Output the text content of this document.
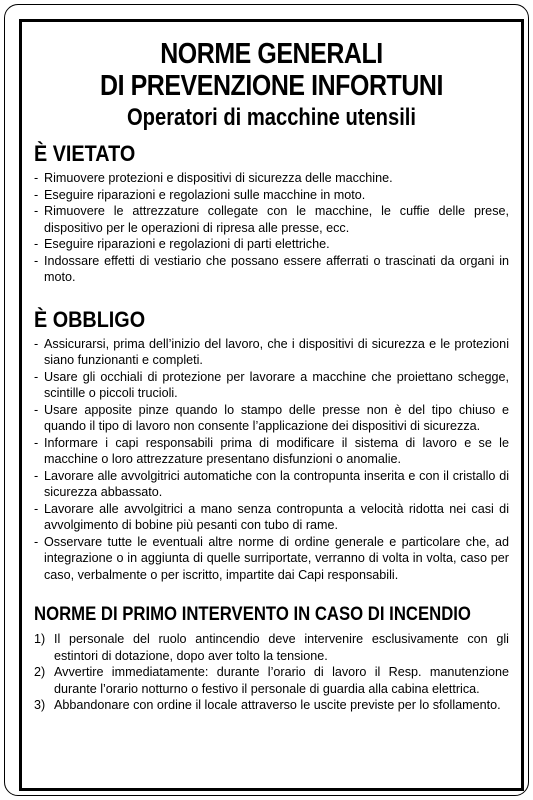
NORME GENERALI
DI PREVENZIONE INFORTUNI
Operatori di macchine utensili
È VIETATO
- Rimuovere protezioni e dispositivi di sicurezza delle macchine.
- Eseguire riparazioni e regolazioni sulle macchine in moto.
- Rimuovere le attrezzature collegate con le macchine, le cuffie delle prese, dispositivo per le operazioni di ripresa alle presse, ecc.
- Eseguire riparazioni e regolazioni di parti elettriche.
- Indossare effetti di vestiario che possano essere afferrati o trascinati da organi in moto.
È OBBLIGO
- Assicurarsi, prima dell’inizio del lavoro, che i dispositivi di sicurezza e le protezioni siano funzionanti e completi.
- Usare gli occhiali di protezione per lavorare a macchine che proiettano schegge, scintille o piccoli trucioli.
- Usare apposite pinze quando lo stampo delle presse non è del tipo chiuso e quando il tipo di lavoro non consente l’applicazione dei dispositivi di sicurezza.
- Informare i capi responsabili prima di modificare il sistema di lavoro e se le macchine o loro attrezzature presentano disfunzioni o anomalie.
- Lavorare alle avvolgitrici automatiche con la contropunta inserita e con il cristallo di sicurezza abbassato.
- Lavorare alle avvolgitrici a mano senza contropunta a velocità ridotta nei casi di avvolgimento di bobine più pesanti con tubo di rame.
- Osservare tutte le eventuali altre norme di ordine generale e particolare che, ad integrazione o in aggiunta di quelle surriportate, verranno di volta in volta, caso per caso, verbalmente o per iscritto, impartite dai Capi responsabili.
NORME DI PRIMO INTERVENTO IN CASO DI INCENDIO
1) Il personale del ruolo antincendio deve intervenire esclusivamente con gli estintori di dotazione, dopo aver tolto la tensione.
2) Avvertire immediatamente: durante l’orario di lavoro il Resp. manutenzione durante l’orario notturno o festivo il personale di guardia alla cabina elettrica.
3) Abbandonare con ordine il locale attraverso le uscite previste per lo sfollamento.
